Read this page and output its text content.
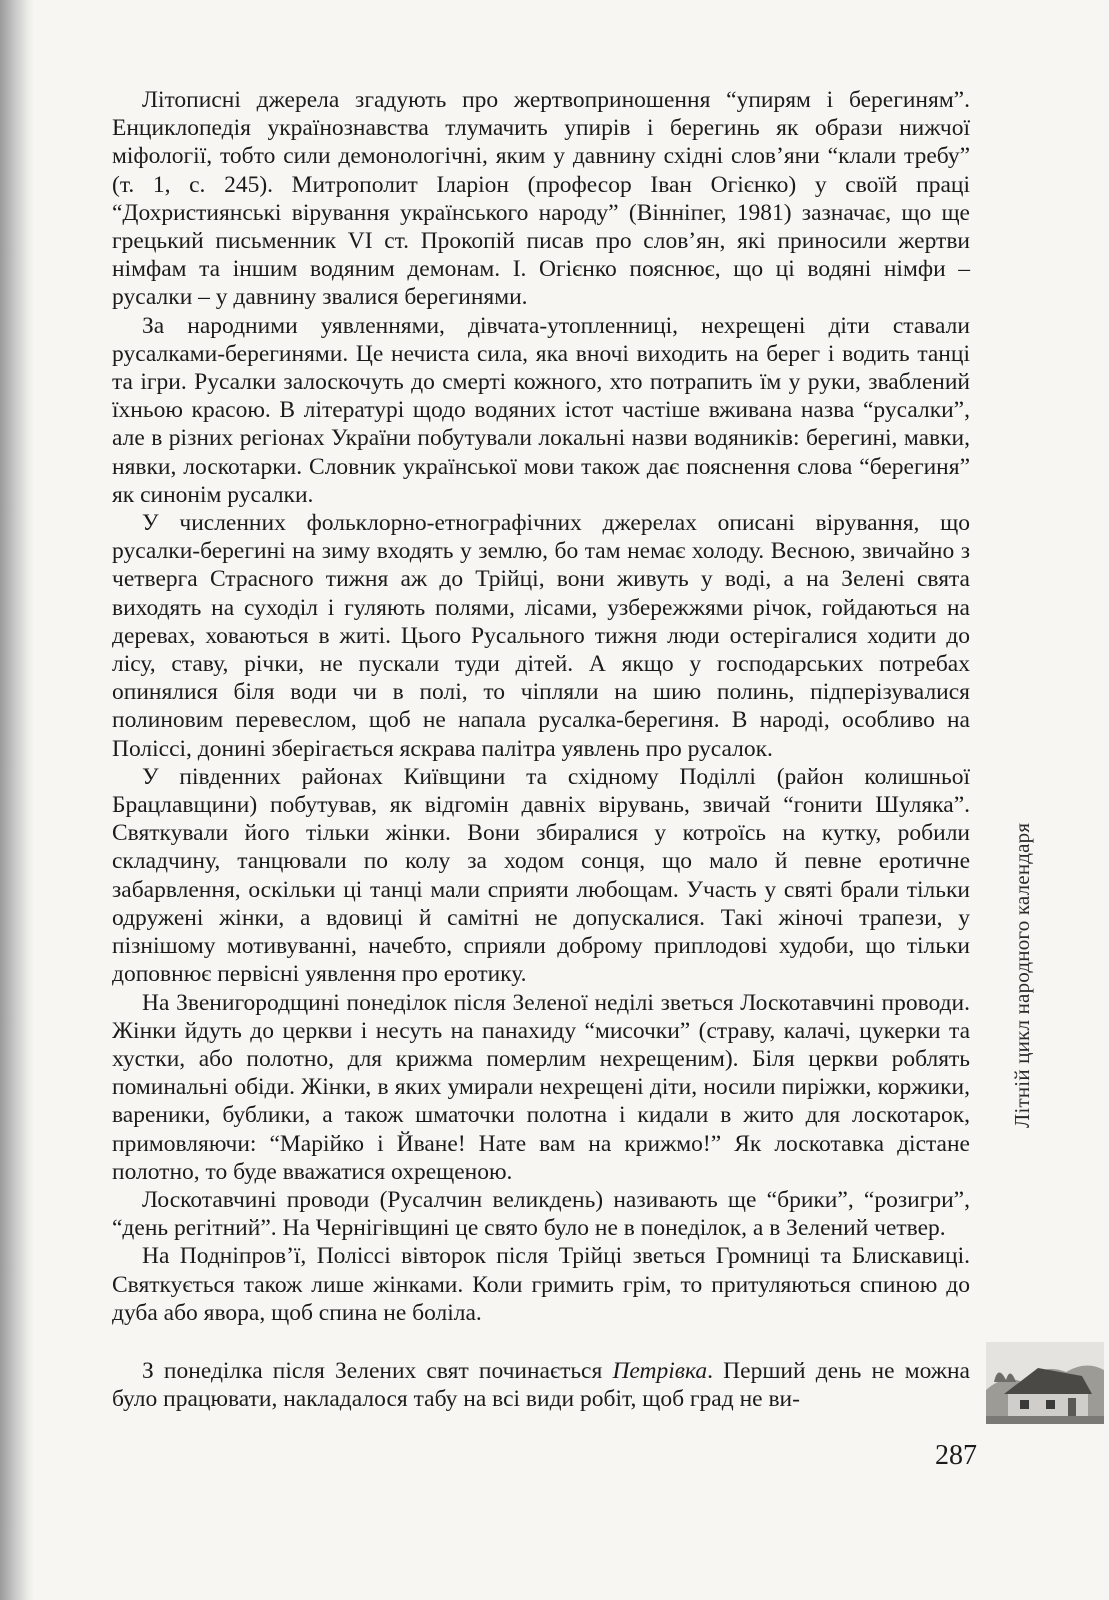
Літописні джерела згадують про жертвоприношення “упирям і берегиням”. Енциклопедія українознавства тлумачить упирів і берегинь як образи нижчої міфології, тобто сили демонологічні, яким у давнину східні слов’яни “клали требу” (т. 1, с. 245). Митрополит Іларіон (професор Іван Огієнко) у своїй праці “Дохристиянські вірування українського народу” (Вінніпег, 1981) зазначає, що ще грецький письменник VI ст. Прокопій писав про слов’ян, які приносили жертви німфам та іншим водяним демонам. І. Огієнко пояснює, що ці водяні німфи – русалки – у давнину звалися берегинями.

За народними уявленнями, дівчата-утопленниці, нехрещені діти ставали русалками-берегинями. Це нечиста сила, яка вночі виходить на берег і водить танці та ігри. Русалки залоскочуть до смерті кожного, хто потрапить їм у руки, зваблений їхньою красою. В літературі щодо водяних істот частіше вживана назва “русалки”, але в різних регіонах України побутували локальні назви водяників: берегині, мавки, нявки, лоскотарки. Словник української мови також дає пояснення слова “берегиня” як синонім русалки.

У численних фольклорно-етнографічних джерелах описані вірування, що русалки-берегині на зиму входять у землю, бо там немає холоду. Весною, звичайно з четверга Страсного тижня аж до Трійці, вони живуть у воді, а на Зелені свята виходять на суходіл і гуляють полями, лісами, узбережжями річок, гойдаються на деревах, ховаються в житі. Цього Русального тижня люди остерігалися ходити до лісу, ставу, річки, не пускали туди дітей. А якщо у господарських потребах опинялися біля води чи в полі, то чіпляли на шию полинь, підперізувалися полиновим перевеслом, щоб не напала русалка-берегиня. В народі, особливо на Поліссі, донині зберігається яскрава палітра уявлень про русалок.

У південних районах Київщини та східному Поділлі (район колишньої Брацлавщини) побутував, як відгомін давніх вірувань, звичай “гонити Шуляка”. Святкували його тільки жінки. Вони збиралися у котроїсь на кутку, робили складчину, танцювали по колу за ходом сонця, що мало й певне еротичне забарвлення, оскільки ці танці мали сприяти любощам. Участь у святі брали тільки одружені жінки, а вдовиці й самітні не допускалися. Такі жіночі трапези, у пізнішому мотивуванні, начебто, сприяли доброму приплодові худоби, що тільки доповнює первісні уявлення про еротику.

На Звенигородщині понеділок після Зеленої неділі зветься Лоскотавчині проводи. Жінки йдуть до церкви і несуть на панахиду “мисочки” (страву, калачі, цукерки та хустки, або полотно, для крижма померлим нехрещеним). Біля церкви роблять поминальні обіди. Жінки, в яких умирали нехрещені діти, носили пиріжки, коржики, вареники, бублики, а також шматочки полотна і кидали в жито для лоскотарок, примовляючи: “Марійко і Йване! Нате вам на крижмо!” Як лоскотавка дістане полотно, то буде вважатися охрещеною.

Лоскотавчині проводи (Русалчин великдень) називають ще “брики”, “розигри”, “день регітний”. На Чернігівщині це свято було не в понеділок, а в Зелений четвер.

На Подніпров’ї, Поліссі вівторок після Трійці зветься Громниці та Блискавиці. Святкується також лише жінками. Коли гримить грім, то притуляються спиною до дуба або явора, щоб спина не боліла.

З понеділка після Зелених свят починається Петрівка. Перший день не можна було працювати, накладалося табу на всі види робіт, щоб град не ви-

Літній цикл народного календаря
287
